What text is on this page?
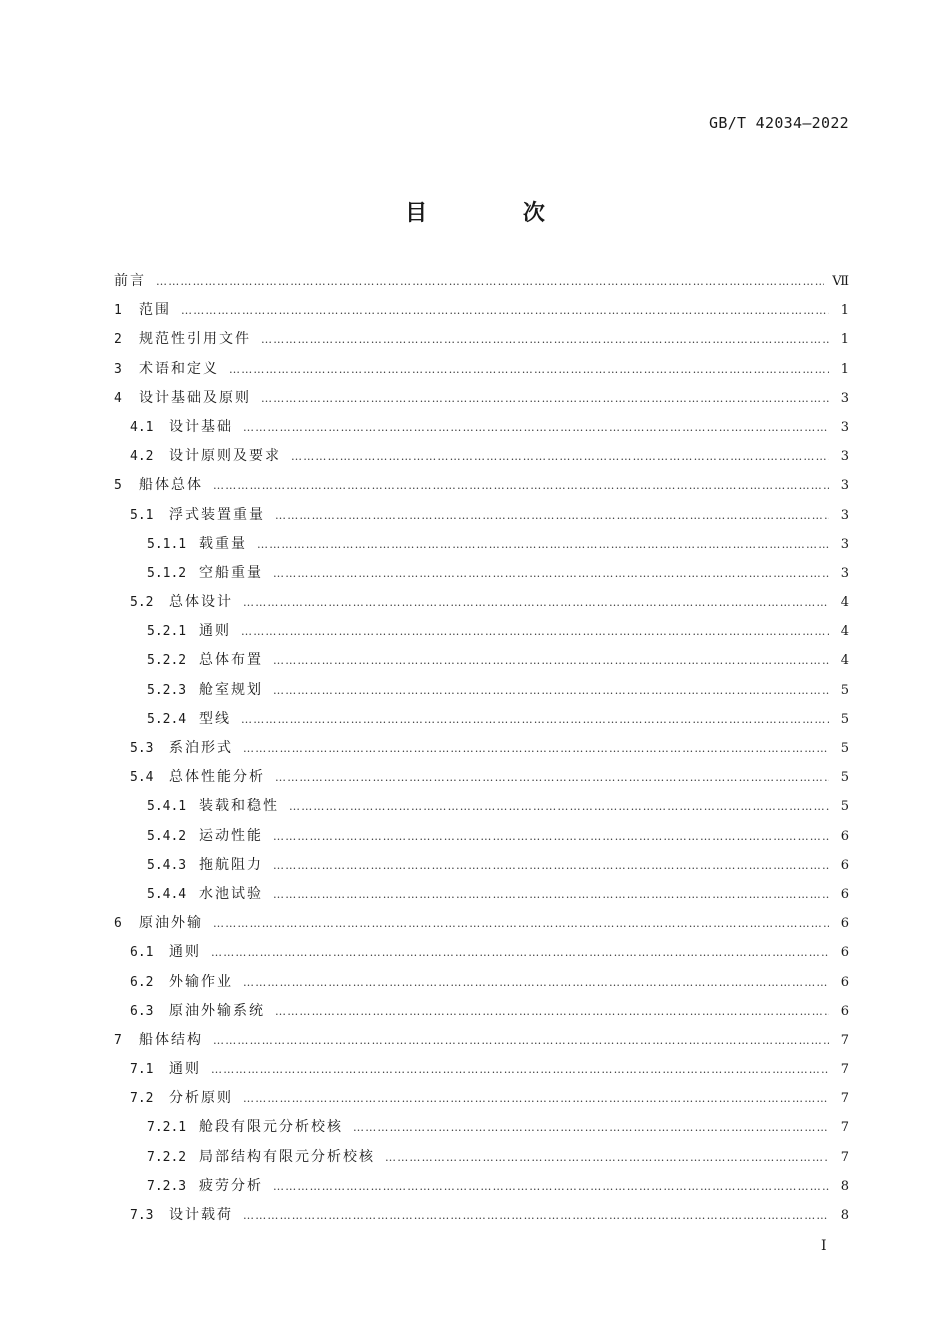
GB/T 42034—2022
目 次
前言 ………………………………………………………………………………………………………………………………………………………………………………………………	Ⅶ
1	范围 ………………………………………………………………………………………………………………………………………………………………………………………………	1
2	规范性引用文件 ………………………………………………………………………………………………………………………………………………………………………………………………	1
3	术语和定义 ………………………………………………………………………………………………………………………………………………………………………………………………	1
4	设计基础及原则 ………………………………………………………………………………………………………………………………………………………………………………………………	3
4.1	设计基础 ………………………………………………………………………………………………………………………………………………………………………………………………	3
4.2	设计原则及要求 ………………………………………………………………………………………………………………………………………………………………………………………………	3
5	船体总体 ………………………………………………………………………………………………………………………………………………………………………………………………	3
5.1	浮式装置重量 ………………………………………………………………………………………………………………………………………………………………………………………………	3
5.1.1 载重量 ………………………………………………………………………………………………………………………………………………………………………………………………	3
5.1.2 空船重量 ………………………………………………………………………………………………………………………………………………………………………………………………	3
5.2	总体设计 ………………………………………………………………………………………………………………………………………………………………………………………………	4
5.2.1 通则 ………………………………………………………………………………………………………………………………………………………………………………………………	4
5.2.2 总体布置 ………………………………………………………………………………………………………………………………………………………………………………………………	4
5.2.3 舱室规划 ………………………………………………………………………………………………………………………………………………………………………………………………	5
5.2.4 型线 ………………………………………………………………………………………………………………………………………………………………………………………………	5
5.3	系泊形式 ………………………………………………………………………………………………………………………………………………………………………………………………	5
5.4	总体性能分析 ………………………………………………………………………………………………………………………………………………………………………………………………	5
5.4.1 装载和稳性 ………………………………………………………………………………………………………………………………………………………………………………………………	5
5.4.2 运动性能 ………………………………………………………………………………………………………………………………………………………………………………………………	6
5.4.3 拖航阻力 ………………………………………………………………………………………………………………………………………………………………………………………………	6
5.4.4 水池试验 ………………………………………………………………………………………………………………………………………………………………………………………………	6
6	原油外输 ………………………………………………………………………………………………………………………………………………………………………………………………	6
6.1	通则 ………………………………………………………………………………………………………………………………………………………………………………………………	6
6.2	外输作业 ………………………………………………………………………………………………………………………………………………………………………………………………	6
6.3	原油外输系统 ………………………………………………………………………………………………………………………………………………………………………………………………	6
7	船体结构 ………………………………………………………………………………………………………………………………………………………………………………………………	7
7.1	通则 ………………………………………………………………………………………………………………………………………………………………………………………………	7
7.2	分析原则 ………………………………………………………………………………………………………………………………………………………………………………………………	7
7.2.1 舱段有限元分析校核 ………………………………………………………………………………………………………………………………………………………………………………………………	7
7.2.2 局部结构有限元分析校核 ………………………………………………………………………………………………………………………………………………………………………………………………	7
7.2.3 疲劳分析 ………………………………………………………………………………………………………………………………………………………………………………………………	8
7.3	设计载荷 ………………………………………………………………………………………………………………………………………………………………………………………………	8
I
